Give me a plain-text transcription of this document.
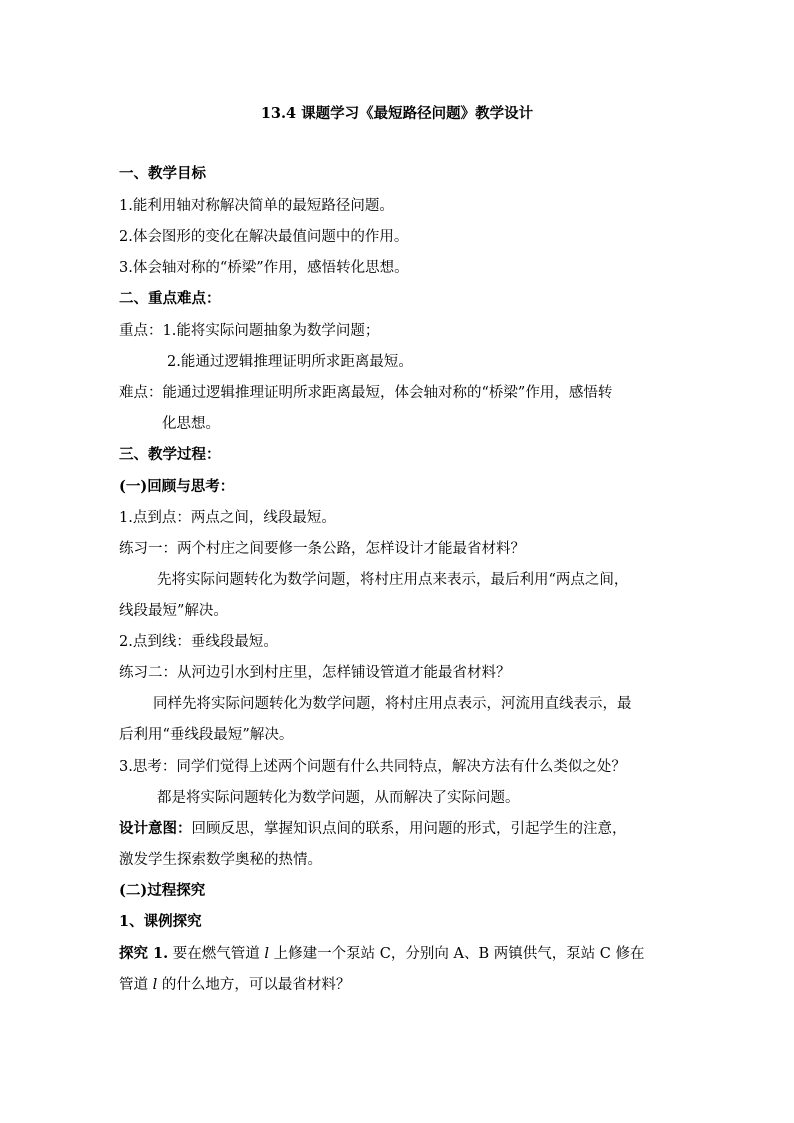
13.4 课题学习《最短路径问题》教学设计
一、教学目标
1.能利用轴对称解决简单的最短路径问题。
2.体会图形的变化在解决最值问题中的作用。
3.体会轴对称的“桥梁”作用，感悟转化思想。
二、重点难点：
重点：1.能将实际问题抽象为数学问题；
2.能通过逻辑推理证明所求距离最短。
难点：能通过逻辑推理证明所求距离最短，体会轴对称的“桥梁”作用，感悟转
化思想。
三、教学过程：
(一)回顾与思考：
1.点到点：两点之间，线段最短。
练习一：两个村庄之间要修一条公路，怎样设计才能最省材料？
先将实际问题转化为数学问题，将村庄用点来表示，最后利用“两点之间，
线段最短”解决。
2.点到线：垂线段最短。
练习二：从河边引水到村庄里，怎样铺设管道才能最省材料？
同样先将实际问题转化为数学问题，将村庄用点表示，河流用直线表示，最
后利用“垂线段最短”解决。
3.思考：同学们觉得上述两个问题有什么共同特点，解决方法有什么类似之处？
都是将实际问题转化为数学问题，从而解决了实际问题。
设计意图：回顾反思，掌握知识点间的联系，用问题的形式，引起学生的注意，
激发学生探索数学奥秘的热情。
(二)过程探究
1、课例探究
探究 1. 要在燃气管道 l 上修建一个泵站 C，分别向 A、B 两镇供气，泵站 C 修在
管道 l 的什么地方，可以最省材料？
